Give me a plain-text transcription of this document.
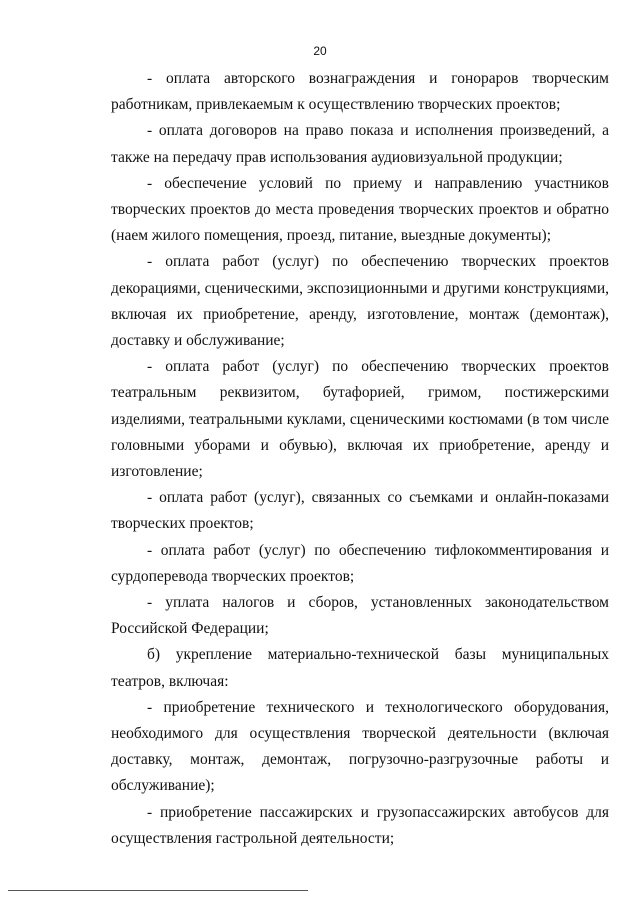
20

- оплата авторского вознаграждения и гонораров творческим работникам, привлекаемым к осуществлению творческих проектов;

- оплата договоров на право показа и исполнения произведений, а также на передачу прав использования аудиовизуальной продукции;

- обеспечение условий по приему и направлению участников творческих проектов до места проведения творческих проектов и обратно (наем жилого помещения, проезд, питание, выездные документы);

- оплата работ (услуг) по обеспечению творческих проектов декорациями, сценическими, экспозиционными и другими конструкциями, включая их приобретение, аренду, изготовление, монтаж (демонтаж), доставку и обслуживание;

- оплата работ (услуг) по обеспечению творческих проектов театральным реквизитом, бутафорией, гримом, постижерскими изделиями, театральными куклами, сценическими костюмами (в том числе головными уборами и обувью), включая их приобретение, аренду и изготовление;

- оплата работ (услуг), связанных со съемками и онлайн-показами творческих проектов;

- оплата работ (услуг) по обеспечению тифлокомментирования и сурдоперевода творческих проектов;

- уплата налогов и сборов, установленных законодательством Российской Федерации;

б) укрепление материально-технической базы муниципальных театров, включая:

- приобретение технического и технологического оборудования, необходимого для осуществления творческой деятельности (включая доставку, монтаж, демонтаж, погрузочно-разгрузочные работы и обслуживание);

- приобретение пассажирских и грузопассажирских автобусов для осуществления гастрольной деятельности;
